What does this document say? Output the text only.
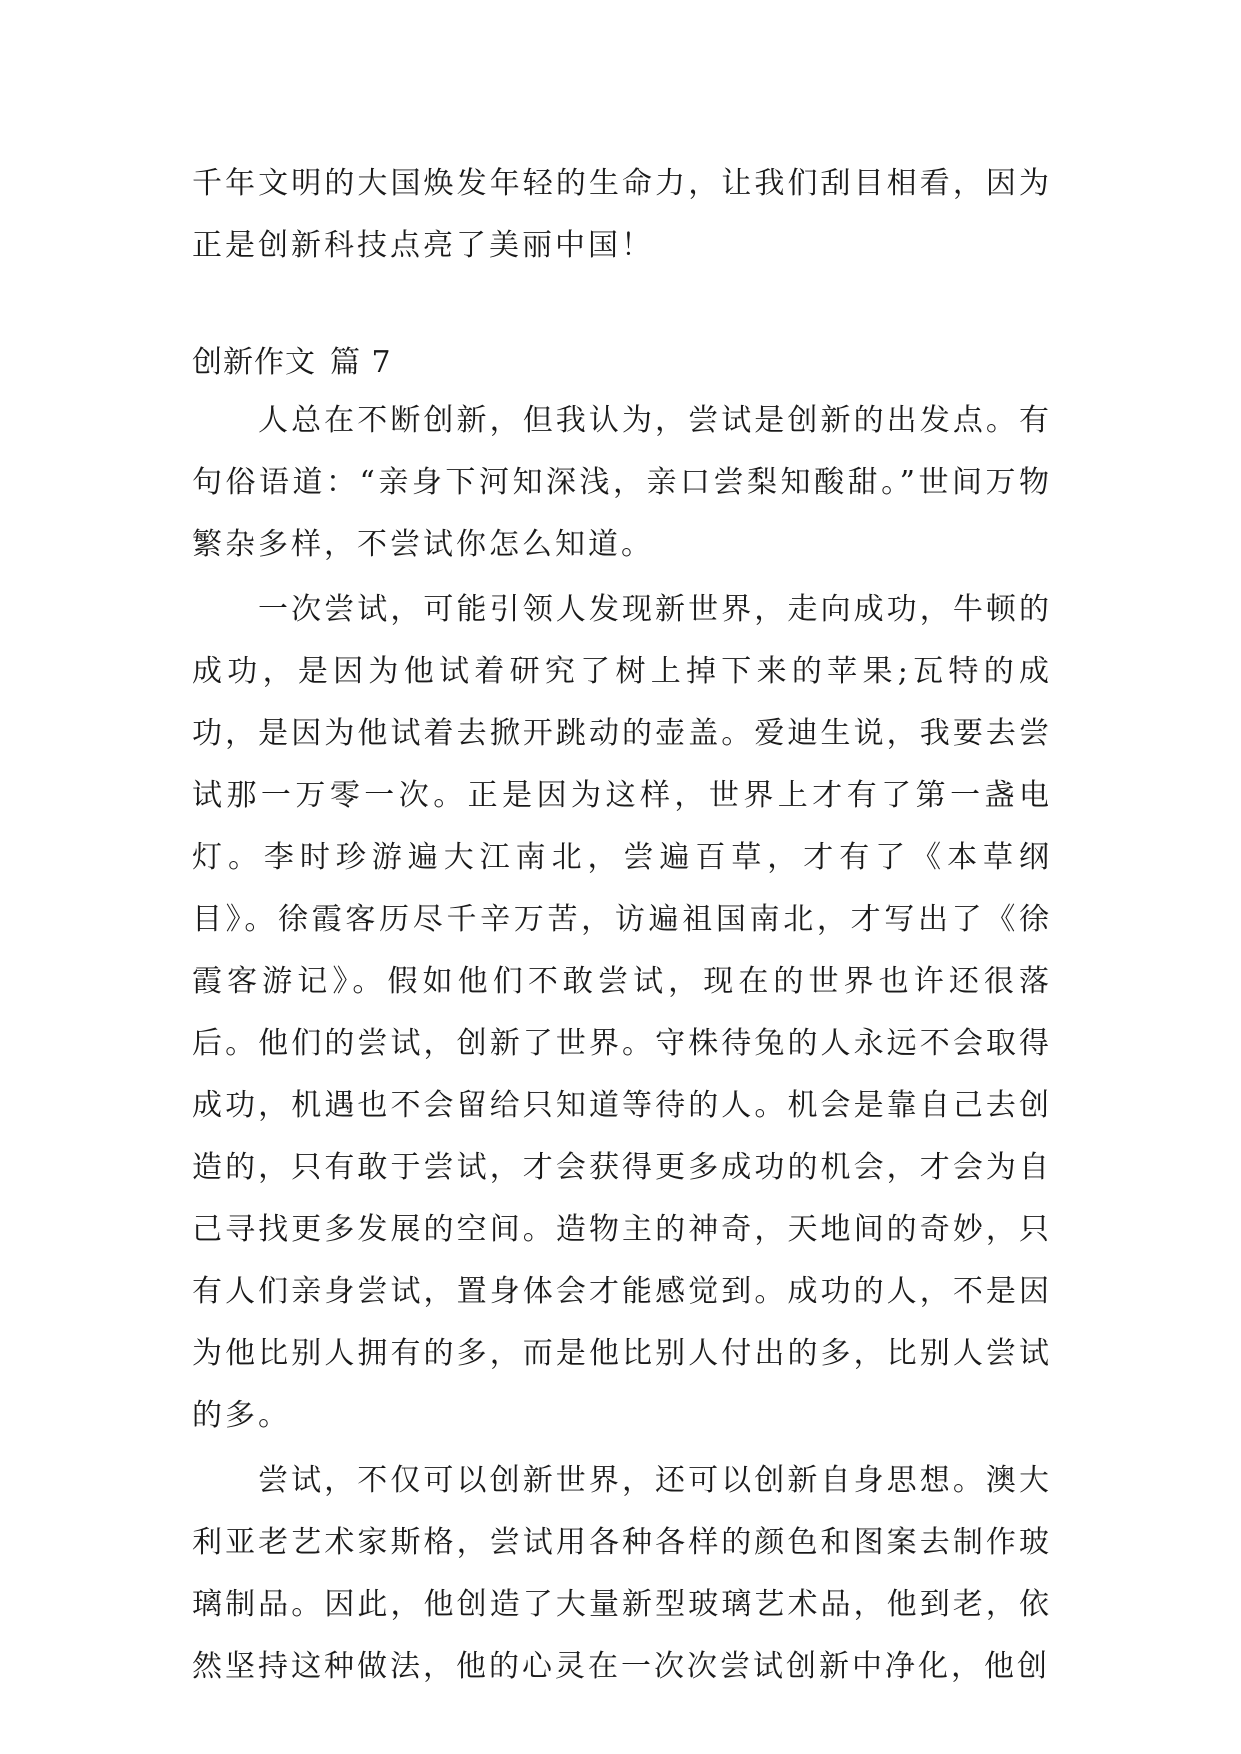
千年文明的大国焕发年轻的生命力，让我们刮目相看，因为正是创新科技点亮了美丽中国！

创新作文 篇 7

人总在不断创新，但我认为，尝试是创新的出发点。有句俗语道：“亲身下河知深浅，亲口尝梨知酸甜。”世间万物繁杂多样，不尝试你怎么知道。

一次尝试，可能引领人发现新世界，走向成功，牛顿的成功，是因为他试着研究了树上掉下来的苹果;瓦特的成功，是因为他试着去掀开跳动的壶盖。爱迪生说，我要去尝试那一万零一次。正是因为这样，世界上才有了第一盏电灯。李时珍游遍大江南北，尝遍百草，才有了《本草纲目》。徐霞客历尽千辛万苦，访遍祖国南北，才写出了《徐霞客游记》。假如他们不敢尝试，现在的世界也许还很落后。他们的尝试，创新了世界。守株待兔的人永远不会取得成功，机遇也不会留给只知道等待的人。机会是靠自己去创造的，只有敢于尝试，才会获得更多成功的机会，才会为自己寻找更多发展的空间。造物主的神奇，天地间的奇妙，只有人们亲身尝试，置身体会才能感觉到。成功的人，不是因为他比别人拥有的多，而是他比别人付出的多，比别人尝试的多。

尝试，不仅可以创新世界，还可以创新自身思想。澳大利亚老艺术家斯格，尝试用各种各样的颜色和图案去制作玻璃制品。因此，他创造了大量新型玻璃艺术品，他到老，依然坚持这种做法，他的心灵在一次次尝试创新中净化，他创
